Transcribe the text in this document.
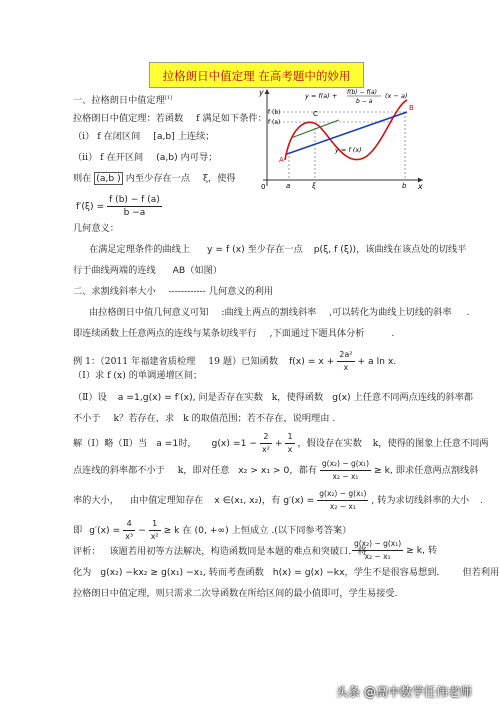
拉格朗日中值定理 在高考题中的妙用
一、拉格朗日中值定理[1]
拉格朗日中值定理：若函数 f 满足如下条件：
（ⅰ） f 在闭区间 [a,b] 上连续；
（ⅱ） f 在开区间 (a,b) 内可导；
则在 (a,b ) 内至少存在一点 ξ，使得
$f'(\xi) = \frac{f (b) - f (a)}{b -a}$
几何意义：
在满足定理条件的曲线上 y = f (x) 至少存在一点 p(ξ, f (ξ))，该曲线在该点处的切线平
行于曲线两端的连线 AB（如图）
y
x
0
A
B
C
a	ξ	b
f (a)
f (b)
y = f(a) + f(b) − f(a)
b − a
(x − a)
y = f (x)
二、求割线斜率大小 ------------ 几何意义的利用
由拉格朗日中值几何意义可知 :曲线上两点的割线斜率 ,可以转化为曲线上切线的斜率 .
即连续函数上任意两点的连线与某条切线平行 ,下面通过下题具体分析	.
例 1：（2011 年福建省质检理 19 题）已知函数 $f(x) = x + \frac{\text{2a²}}{x} + a$ ln x.
（Ⅰ）求 f (x) 的单调递增区间；
（Ⅱ）设 a =1,g(x) = f′(x), 问是否存在实数 k，使得函数 g(x) 上任意不同两点连线的斜率都
不小于 k？若存在，求 k 的取值范围；若不存在，说明理由 .
解（Ⅰ）略（Ⅱ）当 a =1时， $g(x) =1 - \frac{2}{\text{x²}} + \frac{1}{x}$ ，假设存在实数 k，使得的图象上任意不同两
点连线的斜率都不小于 k，即对任意 x₂ > x₁ > 0，都有 $\frac{\text{g(x₂) − g(x₁)}}{\text{x₂ − x₁}} \ge k$, 即求任意两点割线斜
率的大小， 由中值定理知存在 x ∈(x₁, x₂)，有 $g'(x) = \frac{\text{g(x₂) − g(x₁)}}{\text{x₂ − x₁}}$ , 转为求切线斜率的大小 .
即 $g'(x) = \frac{4}{\text{x³}} - \frac{1}{\text{x²}} \ge k$ 在 (0, +∞) 上恒成立 .(以下同参考答案）
评析： 该题若用初等方法解决，构造函数同是本题的难点和突破口．将
$\frac{\text{g(x₂) − g(x₁)}}{\text{x₂ − x₁}} \ge k$, 转
化为 g(x₂) −kx₂ ≥ g(x₁) −x₁, 转而考查函数 h(x) = g(x) −kx，学生不是很容易想到． 但若利用
拉格朗日中值定理，则只需求二次导函数在所给区间的最小值即可，学生易接受.
头条 @高中数学任伟老师
